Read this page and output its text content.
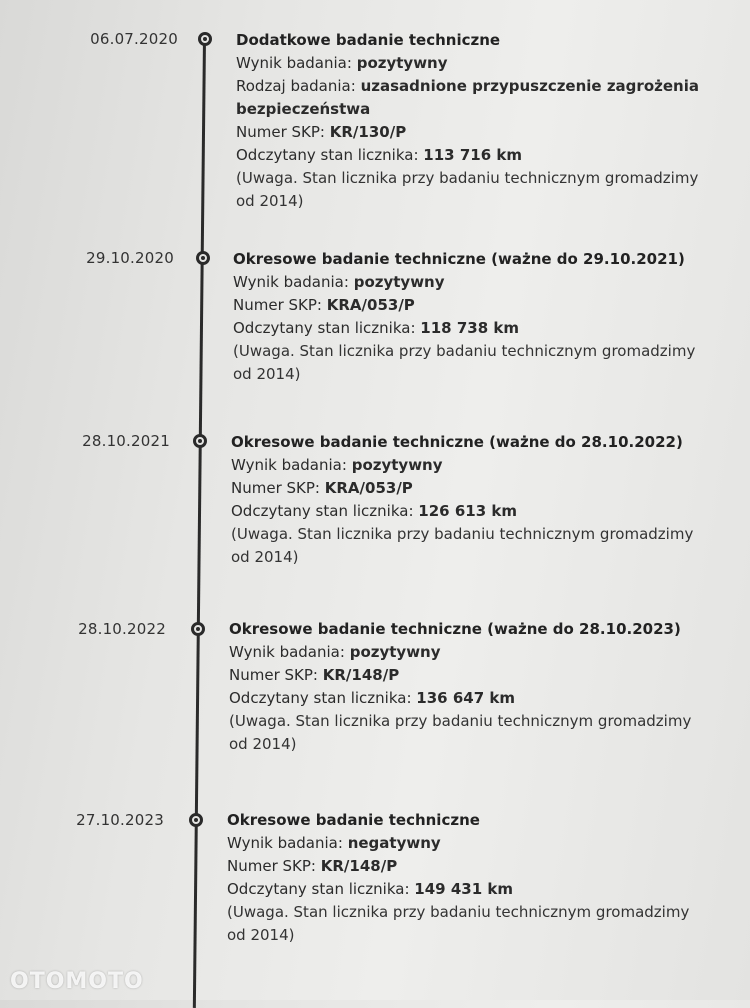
06.07.2020	Dodatkowe badanie techniczne
Wynik badania: pozytywny
Rodzaj badania: uzasadnione przypuszczenie zagrożenia bezpieczeństwa
Numer SKP: KR/130/P
Odczytany stan licznika: 113 716 km
(Uwaga. Stan licznika przy badaniu technicznym gromadzimy od 2014)
29.10.2020	Okresowe badanie techniczne (ważne do 29.10.2021)
Wynik badania: pozytywny
Numer SKP: KRA/053/P
Odczytany stan licznika: 118 738 km
(Uwaga. Stan licznika przy badaniu technicznym gromadzimy od 2014)
28.10.2021	Okresowe badanie techniczne (ważne do 28.10.2022)
Wynik badania: pozytywny
Numer SKP: KRA/053/P
Odczytany stan licznika: 126 613 km
(Uwaga. Stan licznika przy badaniu technicznym gromadzimy od 2014)
28.10.2022	Okresowe badanie techniczne (ważne do 28.10.2023)
Wynik badania: pozytywny
Numer SKP: KR/148/P
Odczytany stan licznika: 136 647 km
(Uwaga. Stan licznika przy badaniu technicznym gromadzimy od 2014)
27.10.2023	Okresowe badanie techniczne
Wynik badania: negatywny
Numer SKP: KR/148/P
Odczytany stan licznika: 149 431 km
(Uwaga. Stan licznika przy badaniu technicznym gromadzimy od 2014)
OTOMOTO
